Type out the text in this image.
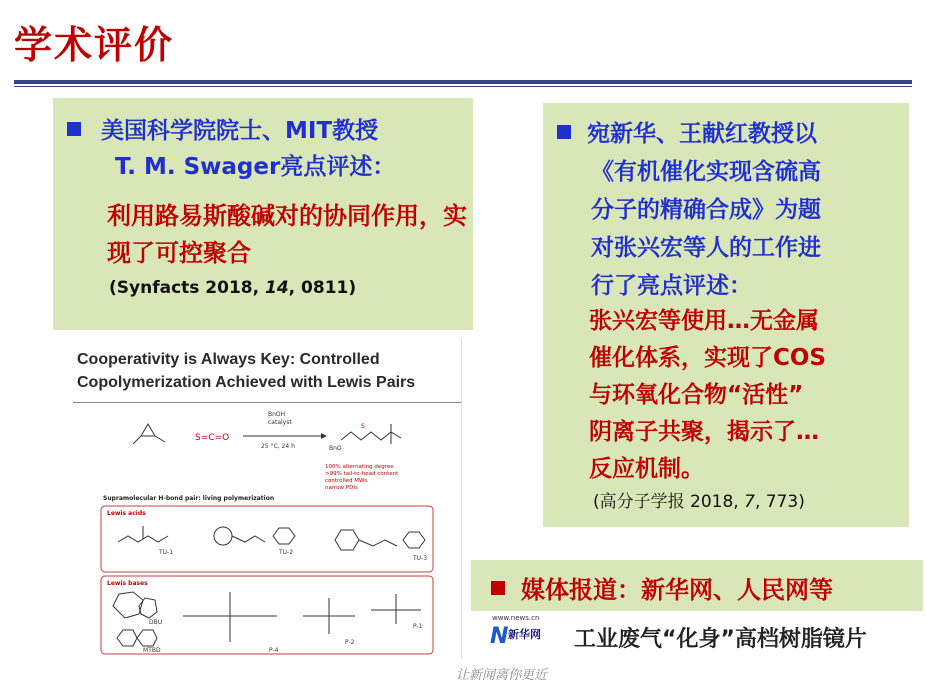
学术评价
美国科学院院士、MIT教授
T. M. Swager亮点评述：
利用路易斯酸碱对的协同作用，实现了可控聚合
(Synfacts 2018, 14, 0811)
Cooperativity is Always Key: Controlled
Copolymerization Achieved with Lewis Pairs
S=C=O
BnOH
catalyst
25 °C, 24 h	BnO
S
100% alternating degree
>99% tail-to-head content
controlled MWs
narrow PDIs
Supramolecular H-bond pair: living polymerization
Lewis acids
TU-1	TU-2
TU-3
Lewis bases
DBU
MTBD	P-4
P-2
P-1
宛新华、王献红教授以
《有机催化实现含硫高
分子的精确合成》为题
对张兴宏等人的工作进
行了亮点评述：
张兴宏等使用…无金属
催化体系，实现了COS
与环氧化合物“活性”
阴离子共聚，揭示了…
反应机制。
(高分子学报 2018, 7, 773)
媒体报道：新华网、人民网等
www.news.cn
N 新华网 工业废气“化身”高档树脂镜片
让新闻离你更近
